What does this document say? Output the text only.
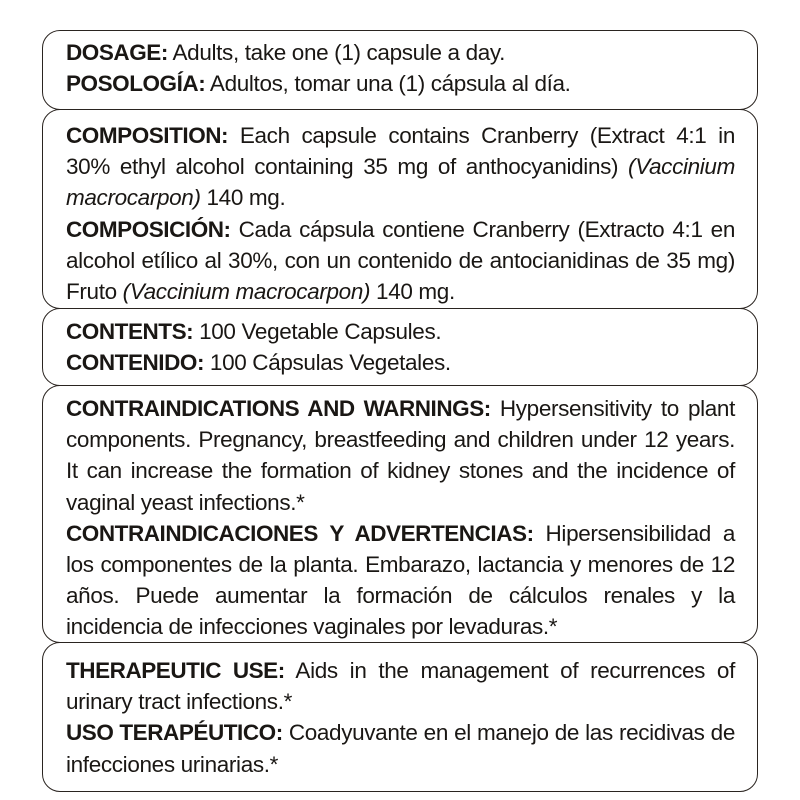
DOSAGE: Adults, take one (1) capsule a day.

POSOLOGÍA: Adultos, tomar una (1) cápsula al día.

COMPOSITION: Each capsule contains Cranberry (Extract 4:1 in 30% ethyl alcohol containing 35 mg of anthocyanidins) (Vaccinium macrocarpon) 140 mg.

COMPOSICIÓN: Cada cápsula contiene Cranberry (Extracto 4:1 en alcohol etílico al 30%, con un contenido de antocianidinas de 35 mg) Fruto (Vaccinium macrocarpon) 140 mg.

CONTENTS: 100 Vegetable Capsules.

CONTENIDO: 100 Cápsulas Vegetales.

CONTRAINDICATIONS AND WARNINGS: Hypersensitivity to plant components. Pregnancy, breastfeeding and children under 12 years. It can increase the formation of kidney stones and the incidence of vaginal yeast infections.*

CONTRAINDICACIONES Y ADVERTENCIAS: Hipersensibilidad a los componentes de la planta. Embarazo, lactancia y menores de 12 años. Puede aumentar la formación de cálculos renales y la incidencia de infecciones vaginales por levaduras.*

THERAPEUTIC USE: Aids in the management of recurrences of urinary tract infections.*

USO TERAPÉUTICO: Coadyuvante en el manejo de las recidivas de infecciones urinarias.*
